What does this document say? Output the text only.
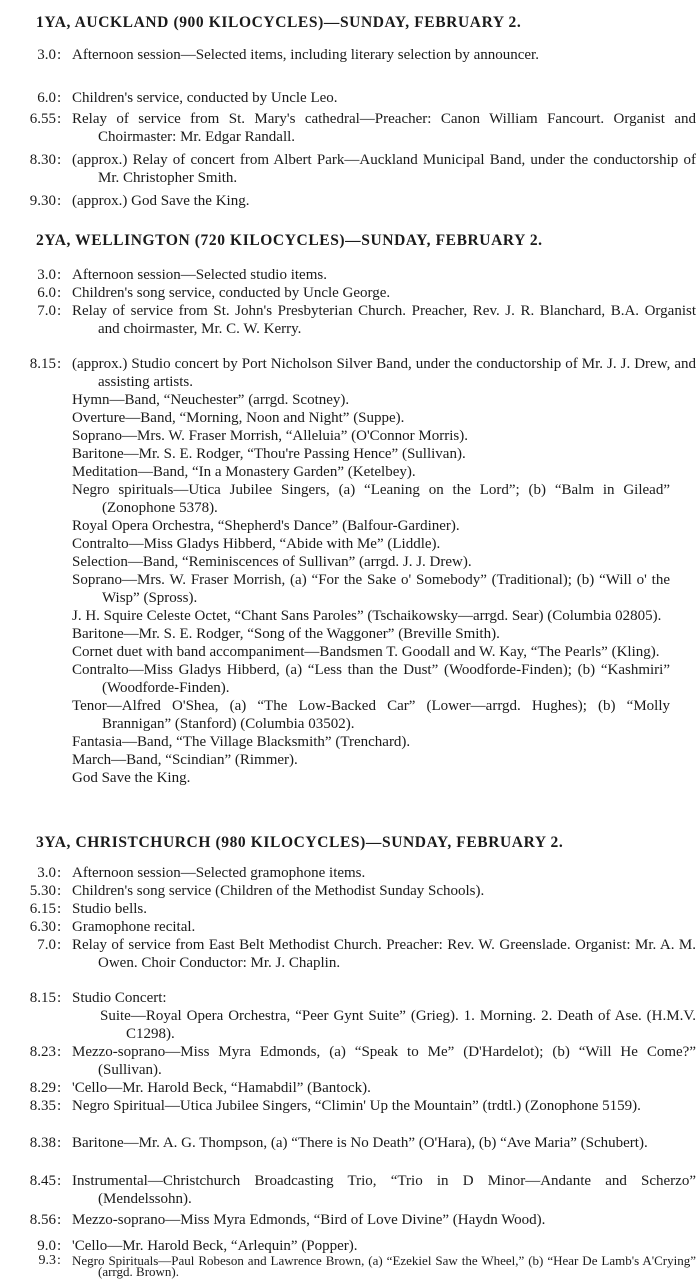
1YA, AUCKLAND (900 KILOCYCLES)—SUNDAY, FEBRUARY 2.
3.0 : Afternoon session—Selected items, including literary selection by announcer.
6.0 : Children's service, conducted by Uncle Leo.
6.55 : Relay of service from St. Mary's cathedral—Preacher: Canon William Fancourt. Organist and Choirmaster: Mr. Edgar Randall.
8.30 : (approx.) Relay of concert from Albert Park—Auckland Municipal Band, under the conductorship of Mr. Christopher Smith.
9.30 : (approx.) God Save the King.
2YA, WELLINGTON (720 KILOCYCLES)—SUNDAY, FEBRUARY 2.
3.0 : Afternoon session—Selected studio items.
6.0 : Children's song service, conducted by Uncle George.
7.0 : Relay of service from St. John's Presbyterian Church. Preacher, Rev. J. R. Blanchard, B.A. Organist and choirmaster, Mr. C. W. Kerry.
8.15 : (approx.) Studio concert by Port Nicholson Silver Band, under the conductorship of Mr. J. J. Drew, and assisting artists.
Hymn—Band, “Neuchester” (arrgd. Scotney).
Overture—Band, “Morning, Noon and Night” (Suppe).
Soprano—Mrs. W. Fraser Morrish, “Alleluia” (O'Connor Morris).
Baritone—Mr. S. E. Rodger, “Thou're Passing Hence” (Sullivan).
Meditation—Band, “In a Monastery Garden” (Ketelbey).
Negro spirituals—Utica Jubilee Singers, (a) “Leaning on the Lord”; (b) “Balm in Gilead” (Zonophone 5378).
Royal Opera Orchestra, “Shepherd's Dance” (Balfour-Gardiner).
Contralto—Miss Gladys Hibberd, “Abide with Me” (Liddle).
Selection—Band, “Reminiscences of Sullivan” (arrgd. J. J. Drew).
Soprano—Mrs. W. Fraser Morrish, (a) “For the Sake o' Somebody” (Traditional); (b) “Will o' the Wisp” (Spross).
J. H. Squire Celeste Octet, “Chant Sans Paroles” (Tschaikowsky—arrgd. Sear) (Columbia 02805).
Baritone—Mr. S. E. Rodger, “Song of the Waggoner” (Breville Smith).
Cornet duet with band accompaniment—Bandsmen T. Goodall and W. Kay, “The Pearls” (Kling).
Contralto—Miss Gladys Hibberd, (a) “Less than the Dust” (Woodforde-Finden); (b) “Kashmiri” (Woodforde-Finden).
Tenor—Alfred O'Shea, (a) “The Low-Backed Car” (Lower—arrgd. Hughes); (b) “Molly Brannigan” (Stanford) (Columbia 03502).
Fantasia—Band, “The Village Blacksmith” (Trenchard).
March—Band, “Scindian” (Rimmer).
God Save the King.
3YA, CHRISTCHURCH (980 KILOCYCLES)—SUNDAY, FEBRUARY 2.
3.0 : Afternoon session—Selected gramophone items.
5.30 : Children's song service (Children of the Methodist Sunday Schools).
6.15 : Studio bells.
6.30 : Gramophone recital.
7.0 : Relay of service from East Belt Methodist Church. Preacher: Rev. W. Greenslade. Organist: Mr. A. M. Owen. Choir Conductor: Mr. J. Chaplin.
8.15 : Studio Concert:
Suite—Royal Opera Orchestra, “Peer Gynt Suite” (Grieg). 1. Morning. 2. Death of Ase. (H.M.V. C1298).
8.23 : Mezzo-soprano—Miss Myra Edmonds, (a) “Speak to Me” (D'Hardelot); (b) “Will He Come?” (Sullivan).
8.29 : 'Cello—Mr. Harold Beck, “Hamabdil” (Bantock).
8.35 : Negro Spiritual—Utica Jubilee Singers, “Climin' Up the Mountain” (trdtl.) (Zonophone 5159).
8.38 : Baritone—Mr. A. G. Thompson, (a) “There is No Death” (O'Hara), (b) “Ave Maria” (Schubert).
8.45 : Instrumental—Christchurch Broadcasting Trio, “Trio in D Minor—Andante and Scherzo” (Mendelssohn).
8.56 : Mezzo-soprano—Miss Myra Edmonds, “Bird of Love Divine” (Haydn Wood).
9.0 : 'Cello—Mr. Harold Beck, “Arlequin” (Popper).
9.3 : Negro Spirituals—Paul Robeson and Lawrence Brown, (a) “Ezekiel Saw the Wheel,” (b) “Hear De Lamb's A'Crying” (arrgd. Brown).
